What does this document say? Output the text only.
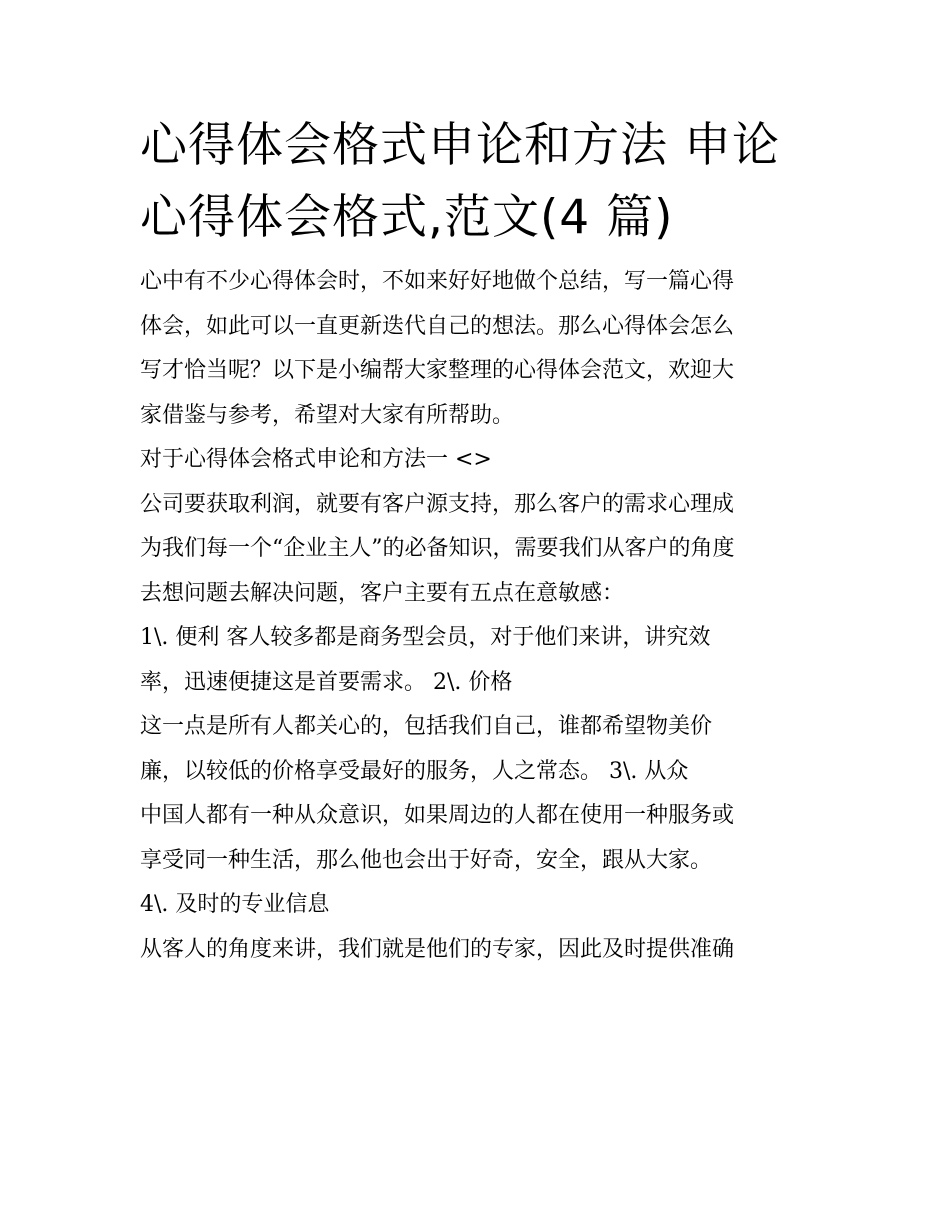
心得体会格式申论和方法 申论
心得体会格式,范文(4 篇)
心中有不少心得体会时，不如来好好地做个总结，写一篇心得
体会，如此可以一直更新迭代自己的想法。那么心得体会怎么
写才恰当呢？以下是小编帮大家整理的心得体会范文，欢迎大
家借鉴与参考，希望对大家有所帮助。
对于心得体会格式申论和方法一 <>
公司要获取利润，就要有客户源支持，那么客户的需求心理成
为我们每一个“企业主人”的必备知识，需要我们从客户的角度
去想问题去解决问题，客户主要有五点在意敏感：
1\. 便利 客人较多都是商务型会员，对于他们来讲，讲究效
率，迅速便捷这是首要需求。 2\. 价格
这一点是所有人都关心的，包括我们自己，谁都希望物美价
廉，以较低的价格享受最好的服务，人之常态。 3\. 从众
中国人都有一种从众意识，如果周边的人都在使用一种服务或
享受同一种生活，那么他也会出于好奇，安全，跟从大家。
4\. 及时的专业信息
从客人的角度来讲，我们就是他们的专家，因此及时提供准确
